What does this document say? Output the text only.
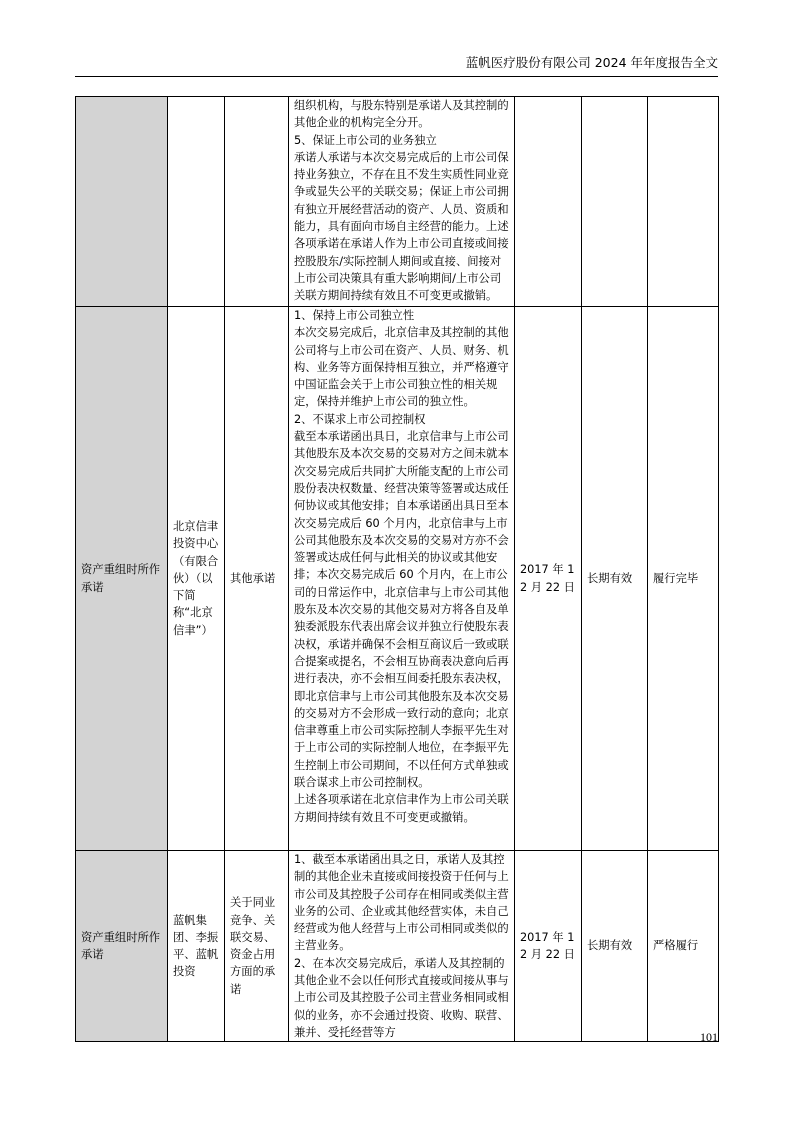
蓝帆医疗股份有限公司 2024 年年度报告全文

			组织机构，与股东特别是承诺人及其控制的其他企业的机构完全分开。
5、保证上市公司的业务独立
承诺人承诺与本次交易完成后的上市公司保持业务独立，不存在且不发生实质性同业竞争或显失公平的关联交易；保证上市公司拥有独立开展经营活动的资产、人员、资质和能力，具有面向市场自主经营的能力。上述各项承诺在承诺人作为上市公司直接或间接控股股东/实际控制人期间或直接、间接对上市公司决策具有重大影响期间/上市公司关联方期间持续有效且不可变更或撤销。			

资产重组时所作承诺	北京信聿投资中心（有限合伙）（以下简称“北京信聿”）	其他承诺	1、保持上市公司独立性
本次交易完成后，北京信聿及其控制的其他公司将与上市公司在资产、人员、财务、机构、业务等方面保持相互独立，并严格遵守中国证监会关于上市公司独立性的相关规定，保持并维护上市公司的独立性。
2、不谋求上市公司控制权
截至本承诺函出具日，北京信聿与上市公司其他股东及本次交易的交易对方之间未就本次交易完成后共同扩大所能支配的上市公司股份表决权数量、经营决策等签署或达成任何协议或其他安排；自本承诺函出具日至本次交易完成后 60 个月内，北京信聿与上市公司其他股东及本次交易的交易对方亦不会签署或达成任何与此相关的协议或其他安排；本次交易完成后 60 个月内，在上市公司的日常运作中，北京信聿与上市公司其他股东及本次交易的其他交易对方将各自及单独委派股东代表出席会议并独立行使股东表决权，承诺并确保不会相互商议后一致或联合提案或提名，不会相互协商表决意向后再进行表决，亦不会相互间委托股东表决权，即北京信聿与上市公司其他股东及本次交易的交易对方不会形成一致行动的意向；北京信聿尊重上市公司实际控制人李振平先生对于上市公司的实际控制人地位，在李振平先生控制上市公司期间，不以任何方式单独或联合谋求上市公司控制权。
上述各项承诺在北京信聿作为上市公司关联方期间持续有效且不可变更或撤销。	2017 年 12 月 22 日	长期有效	履行完毕
资产重组时所作承诺	蓝帆集团、李振平、蓝帆投资	关于同业竞争、关联交易、资金占用方面的承诺	1、截至本承诺函出具之日，承诺人及其控制的其他企业未直接或间接投资于任何与上市公司及其控股子公司存在相同或类似主营业务的公司、企业或其他经营实体，未自己经营或为他人经营与上市公司相同或类似的主营业务。
2、在本次交易完成后，承诺人及其控制的其他企业不会以任何形式直接或间接从事与上市公司及其控股子公司主营业务相同或相似的业务，亦不会通过投资、收购、联营、兼并、受托经营等方	2017 年 12 月 22 日	长期有效	严格履行
101
